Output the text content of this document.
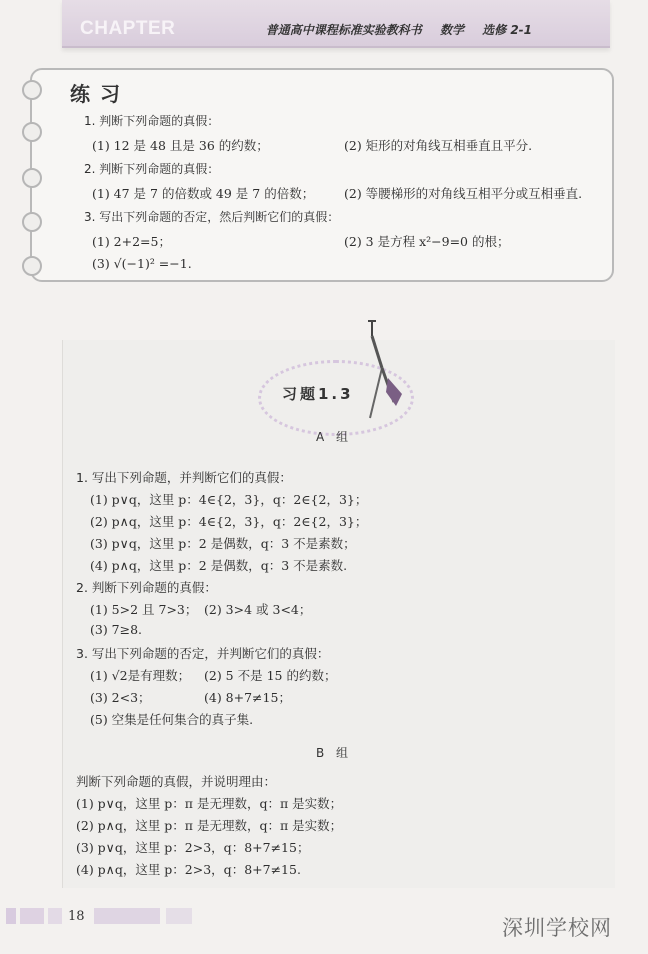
CHAPTER	普通高中课程标准实验教科书 数学 选修 2-1
练习
1. 判断下列命题的真假：
(1) 12 是 48 且是 36 的约数；	(2) 矩形的对角线互相垂直且平分.
2. 判断下列命题的真假：
(1) 47 是 7 的倍数或 49 是 7 的倍数； (2) 等腰梯形的对角线互相平分或互相垂直.
3. 写出下列命题的否定，然后判断它们的真假：
(1) 2+2=5；	(2) 3 是方程 x²−9=0 的根；
(3) √(−1)² =−1.
习题1.3
A 组
1. 写出下列命题，并判断它们的真假：
(1) p∨q，这里 p：4∈{2，3}，q：2∈{2，3}；
(2) p∧q，这里 p：4∈{2，3}，q：2∈{2，3}；
(3) p∨q，这里 p：2 是偶数，q：3 不是素数；
(4) p∧q，这里 p：2 是偶数，q：3 不是素数.
2. 判断下列命题的真假：
(1) 5>2 且 7>3； (2) 3>4 或 3<4；
(3) 7≥8.
3. 写出下列命题的否定，并判断它们的真假：
(1) √2是有理数； (2) 5 不是 15 的约数；
(3) 2<3；	(4) 8+7≠15；
(5) 空集是任何集合的真子集.
B 组
判断下列命题的真假，并说明理由：
(1) p∨q，这里 p：π 是无理数，q：π 是实数；
(2) p∧q，这里 p：π 是无理数，q：π 是实数；
(3) p∨q，这里 p：2>3，q：8+7≠15；
(4) p∧q，这里 p：2>3，q：8+7≠15.
18	深圳学校网
